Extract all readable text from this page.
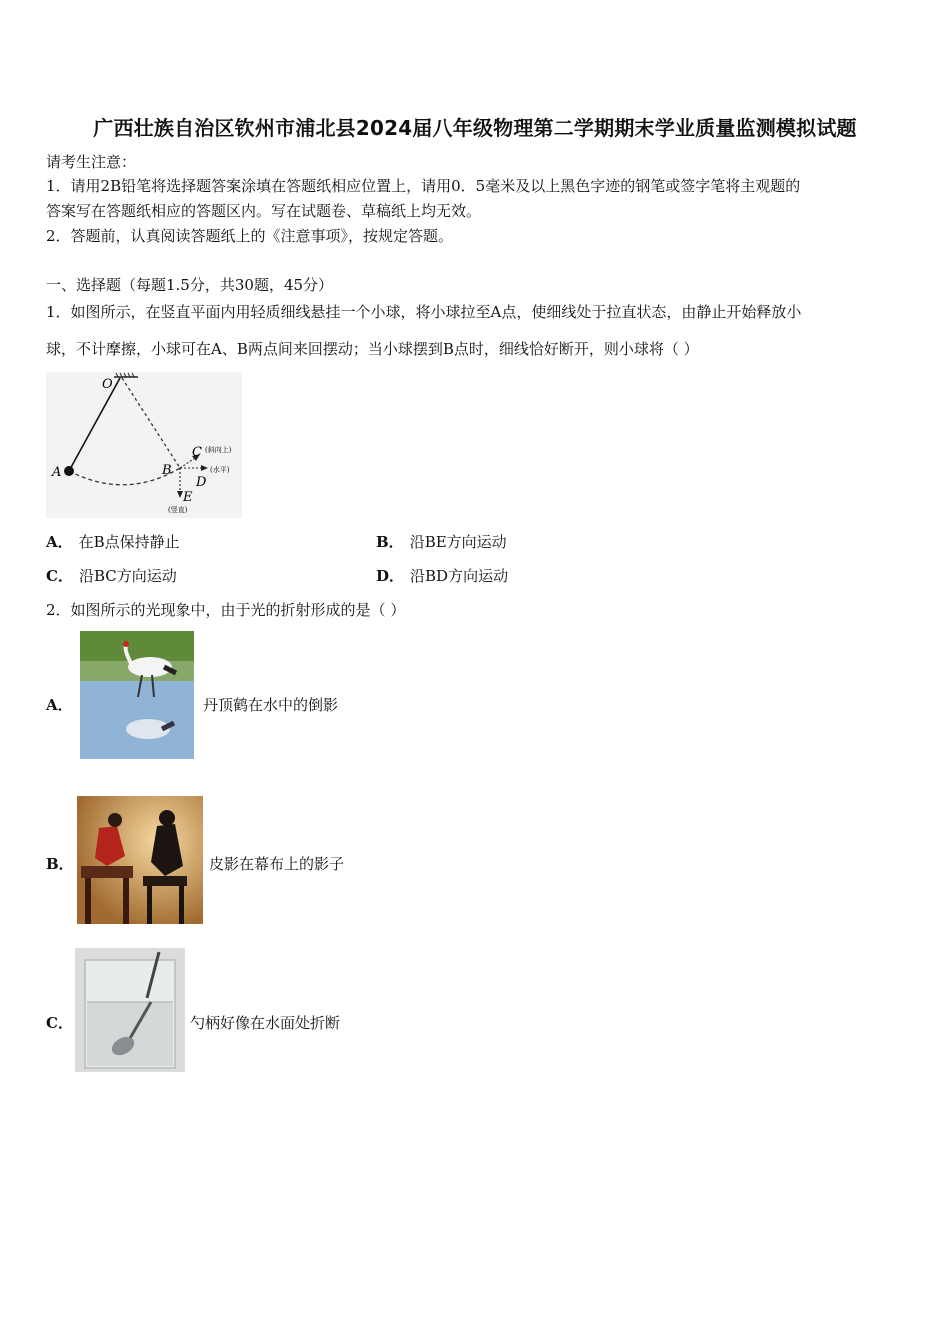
广西壮族自治区钦州市浦北县2024届八年级物理第二学期期末学业质量监测模拟试题
请考生注意：
1．请用2B铅笔将选择题答案涂填在答题纸相应位置上，请用0．5毫米及以上黑色字迹的钢笔或签字笔将主观题的
答案写在答题纸相应的答题区内。写在试题卷、草稿纸上均无效。
2．答题前，认真阅读答题纸上的《注意事项》，按规定答题。
一、选择题（每题1.5分，共30题，45分）
1．如图所示，在竖直平面内用轻质细线悬挂一个小球，将小球拉至A点，使细线处于拉直状态，由静止开始释放小
球，不计摩擦，小球可在A、B两点间来回摆动；当小球摆到B点时，细线恰好断开，则小球将（ ）
O
A	B
C (斜向上)
D
(水平)
E
(竖直)
A． 在B点保持静止	B． 沿BE方向运动
C． 沿BC方向运动	D． 沿BD方向运动
2．如图所示的光现象中，由于光的折射形成的是（ ）
A．	丹顶鹤在水中的倒影
B．	皮影在幕布上的影子
C．	勺柄好像在水面处折断
